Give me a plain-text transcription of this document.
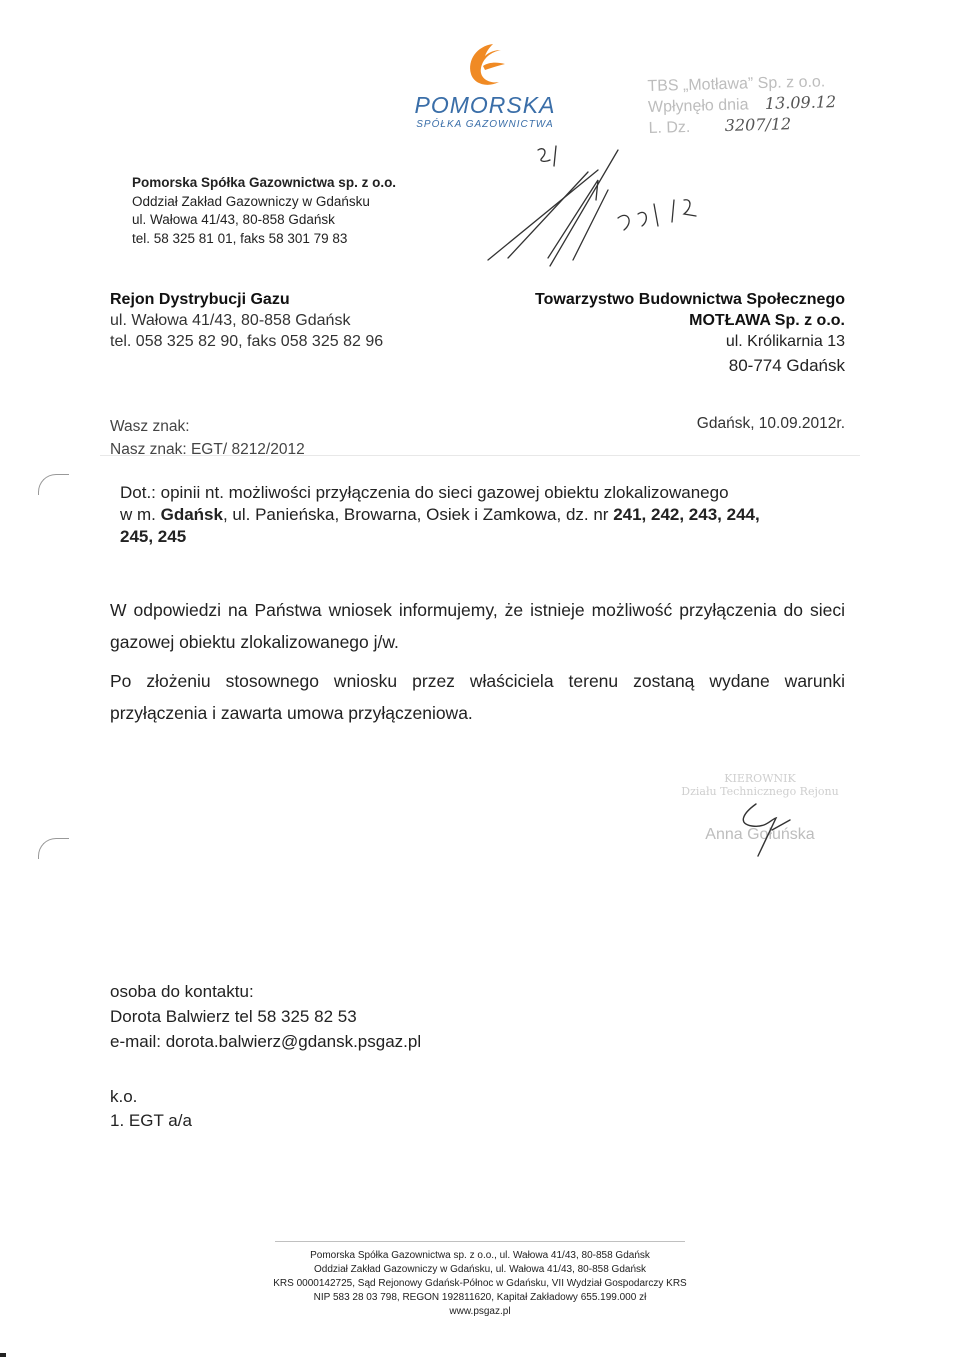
POMORSKA
SPÓŁKA GAZOWNICTWA
TBS „Motława” Sp. z o.o.
Wpłynęło dnia 13.09.12
L. Dz. 3207/12
Pomorska Spółka Gazownictwa sp. z o.o.
Oddział Zakład Gazowniczy w Gdańsku
ul. Wałowa 41/43, 80-858 Gdańsk
tel. 58 325 81 01, faks 58 301 79 83
Rejon Dystrybucji Gazu
ul. Wałowa 41/43, 80-858 Gdańsk
tel. 058 325 82 90, faks 058 325 82 96
Towarzystwo Budownictwa Społecznego
MOTŁAWA Sp. z o.o.
ul. Królikarnia 13
80-774 Gdańsk
Wasz znak:
Nasz znak: EGT/ 8212/2012
Gdańsk, 10.09.2012r.
Dot.: opinii nt. możliwości przyłączenia do sieci gazowej obiektu zlokalizowanego
w m. Gdańsk, ul. Panieńska, Browarna, Osiek i Zamkowa, dz. nr 241, 242, 243, 244,
245, 245
W odpowiedzi na Państwa wniosek informujemy, że istnieje możliwość przyłączenia do sieci
gazowej obiektu zlokalizowanego j/w.
Po złożeniu stosownego wniosku przez właściciela terenu zostaną wydane warunki
przyłączenia i zawarta umowa przyłączeniowa.
KIEROWNIK
Działu Technicznego Rejonu
Anna Gołuńska
osoba do kontaktu:
Dorota Balwierz tel 58 325 82 53
e-mail: dorota.balwierz@gdansk.psgaz.pl
k.o.
1. EGT a/a
Pomorska Spółka Gazownictwa sp. z o.o., ul. Wałowa 41/43, 80-858 Gdańsk
Oddział Zakład Gazowniczy w Gdańsku, ul. Wałowa 41/43, 80-858 Gdańsk
KRS 0000142725, Sąd Rejonowy Gdańsk-Północ w Gdańsku, VII Wydział Gospodarczy KRS
NIP 583 28 03 798, REGON 192811620, Kapitał Zakładowy 655.199.000 zł
www.psgaz.pl
